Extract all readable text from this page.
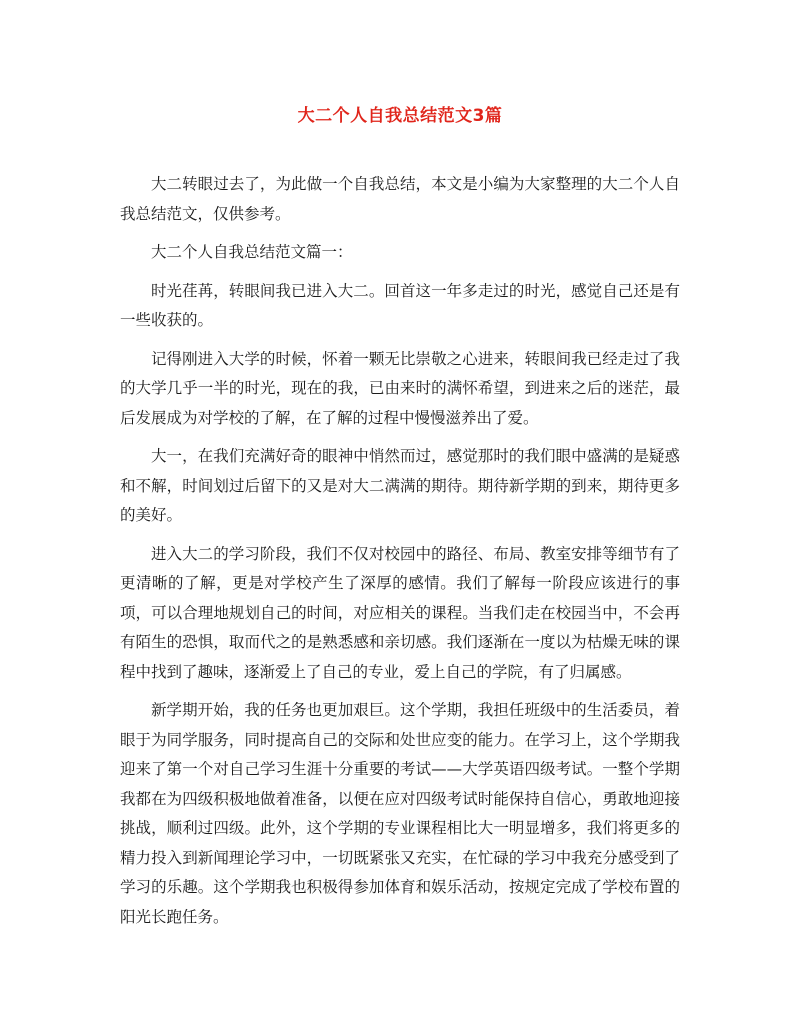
大二个人自我总结范文3篇

大二转眼过去了，为此做一个自我总结，本文是小编为大家整理的大二个人自我总结范文，仅供参考。

大二个人自我总结范文篇一：

时光荏苒，转眼间我已进入大二。回首这一年多走过的时光，感觉自己还是有一些收获的。

记得刚进入大学的时候，怀着一颗无比崇敬之心进来，转眼间我已经走过了我的大学几乎一半的时光，现在的我，已由来时的满怀希望，到进来之后的迷茫，最后发展成为对学校的了解，在了解的过程中慢慢滋养出了爱。

大一，在我们充满好奇的眼神中悄然而过，感觉那时的我们眼中盛满的是疑惑和不解，时间划过后留下的又是对大二满满的期待。期待新学期的到来，期待更多的美好。

进入大二的学习阶段，我们不仅对校园中的路径、布局、教室安排等细节有了更清晰的了解，更是对学校产生了深厚的感情。我们了解每一阶段应该进行的事项，可以合理地规划自己的时间，对应相关的课程。当我们走在校园当中，不会再有陌生的恐惧，取而代之的是熟悉感和亲切感。我们逐渐在一度以为枯燥无味的课程中找到了趣味，逐渐爱上了自己的专业，爱上自己的学院，有了归属感。

新学期开始，我的任务也更加艰巨。这个学期，我担任班级中的生活委员，着眼于为同学服务，同时提高自己的交际和处世应变的能力。在学习上，这个学期我迎来了第一个对自己学习生涯十分重要的考试——大学英语四级考试。一整个学期我都在为四级积极地做着准备，以便在应对四级考试时能保持自信心，勇敢地迎接挑战，顺利过四级。此外，这个学期的专业课程相比大一明显增多，我们将更多的精力投入到新闻理论学习中，一切既紧张又充实，在忙碌的学习中我充分感受到了学习的乐趣。这个学期我也积极得参加体育和娱乐活动，按规定完成了学校布置的阳光长跑任务。
